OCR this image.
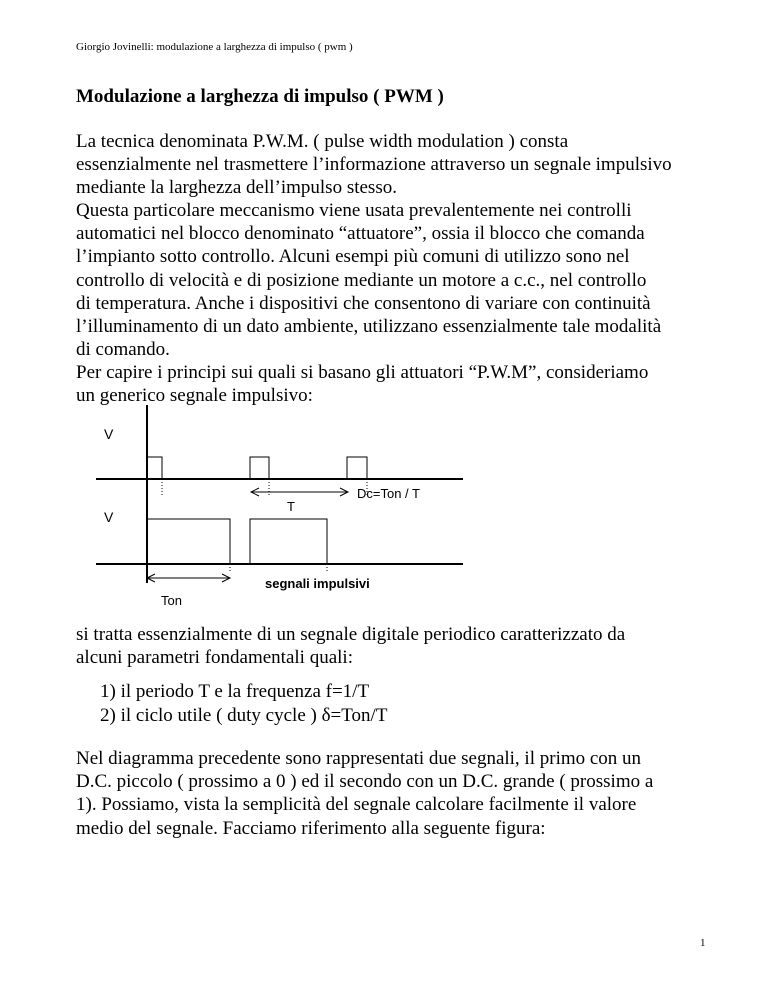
Giorgio Jovinelli: modulazione a larghezza di impulso ( pwm )
Modulazione a larghezza di impulso ( PWM )
La tecnica denominata P.W.M. ( pulse width modulation ) consta
essenzialmente nel trasmettere l’informazione attraverso un segnale impulsivo
mediante la larghezza dell’impulso stesso.
Questa particolare meccanismo viene usata prevalentemente nei controlli
automatici nel blocco denominato “attuatore”, ossia il blocco che comanda
l’impianto sotto controllo. Alcuni esempi più comuni di utilizzo sono nel
controllo di velocità e di posizione mediante un motore a c.c., nel controllo
di temperatura. Anche i dispositivi che consentono di variare con continuità
l’illuminamento di un dato ambiente, utilizzano essenzialmente tale modalità
di comando.
Per capire i principi sui quali si basano gli attuatori “P.W.M”, consideriamo
un generico segnale impulsivo:
V
T
Dc=Ton / T
V
Ton
segnali impulsivi
si tratta essenzialmente di un segnale digitale periodico caratterizzato da
alcuni parametri fondamentali quali:
1) il periodo T e la frequenza f=1/T
2) il ciclo utile ( duty cycle ) δ=Ton/T
Nel diagramma precedente sono rappresentati due segnali, il primo con un
D.C. piccolo ( prossimo a 0 ) ed il secondo con un D.C. grande ( prossimo a
1). Possiamo, vista la semplicità del segnale calcolare facilmente il valore
medio del segnale. Facciamo riferimento alla seguente figura:
1
